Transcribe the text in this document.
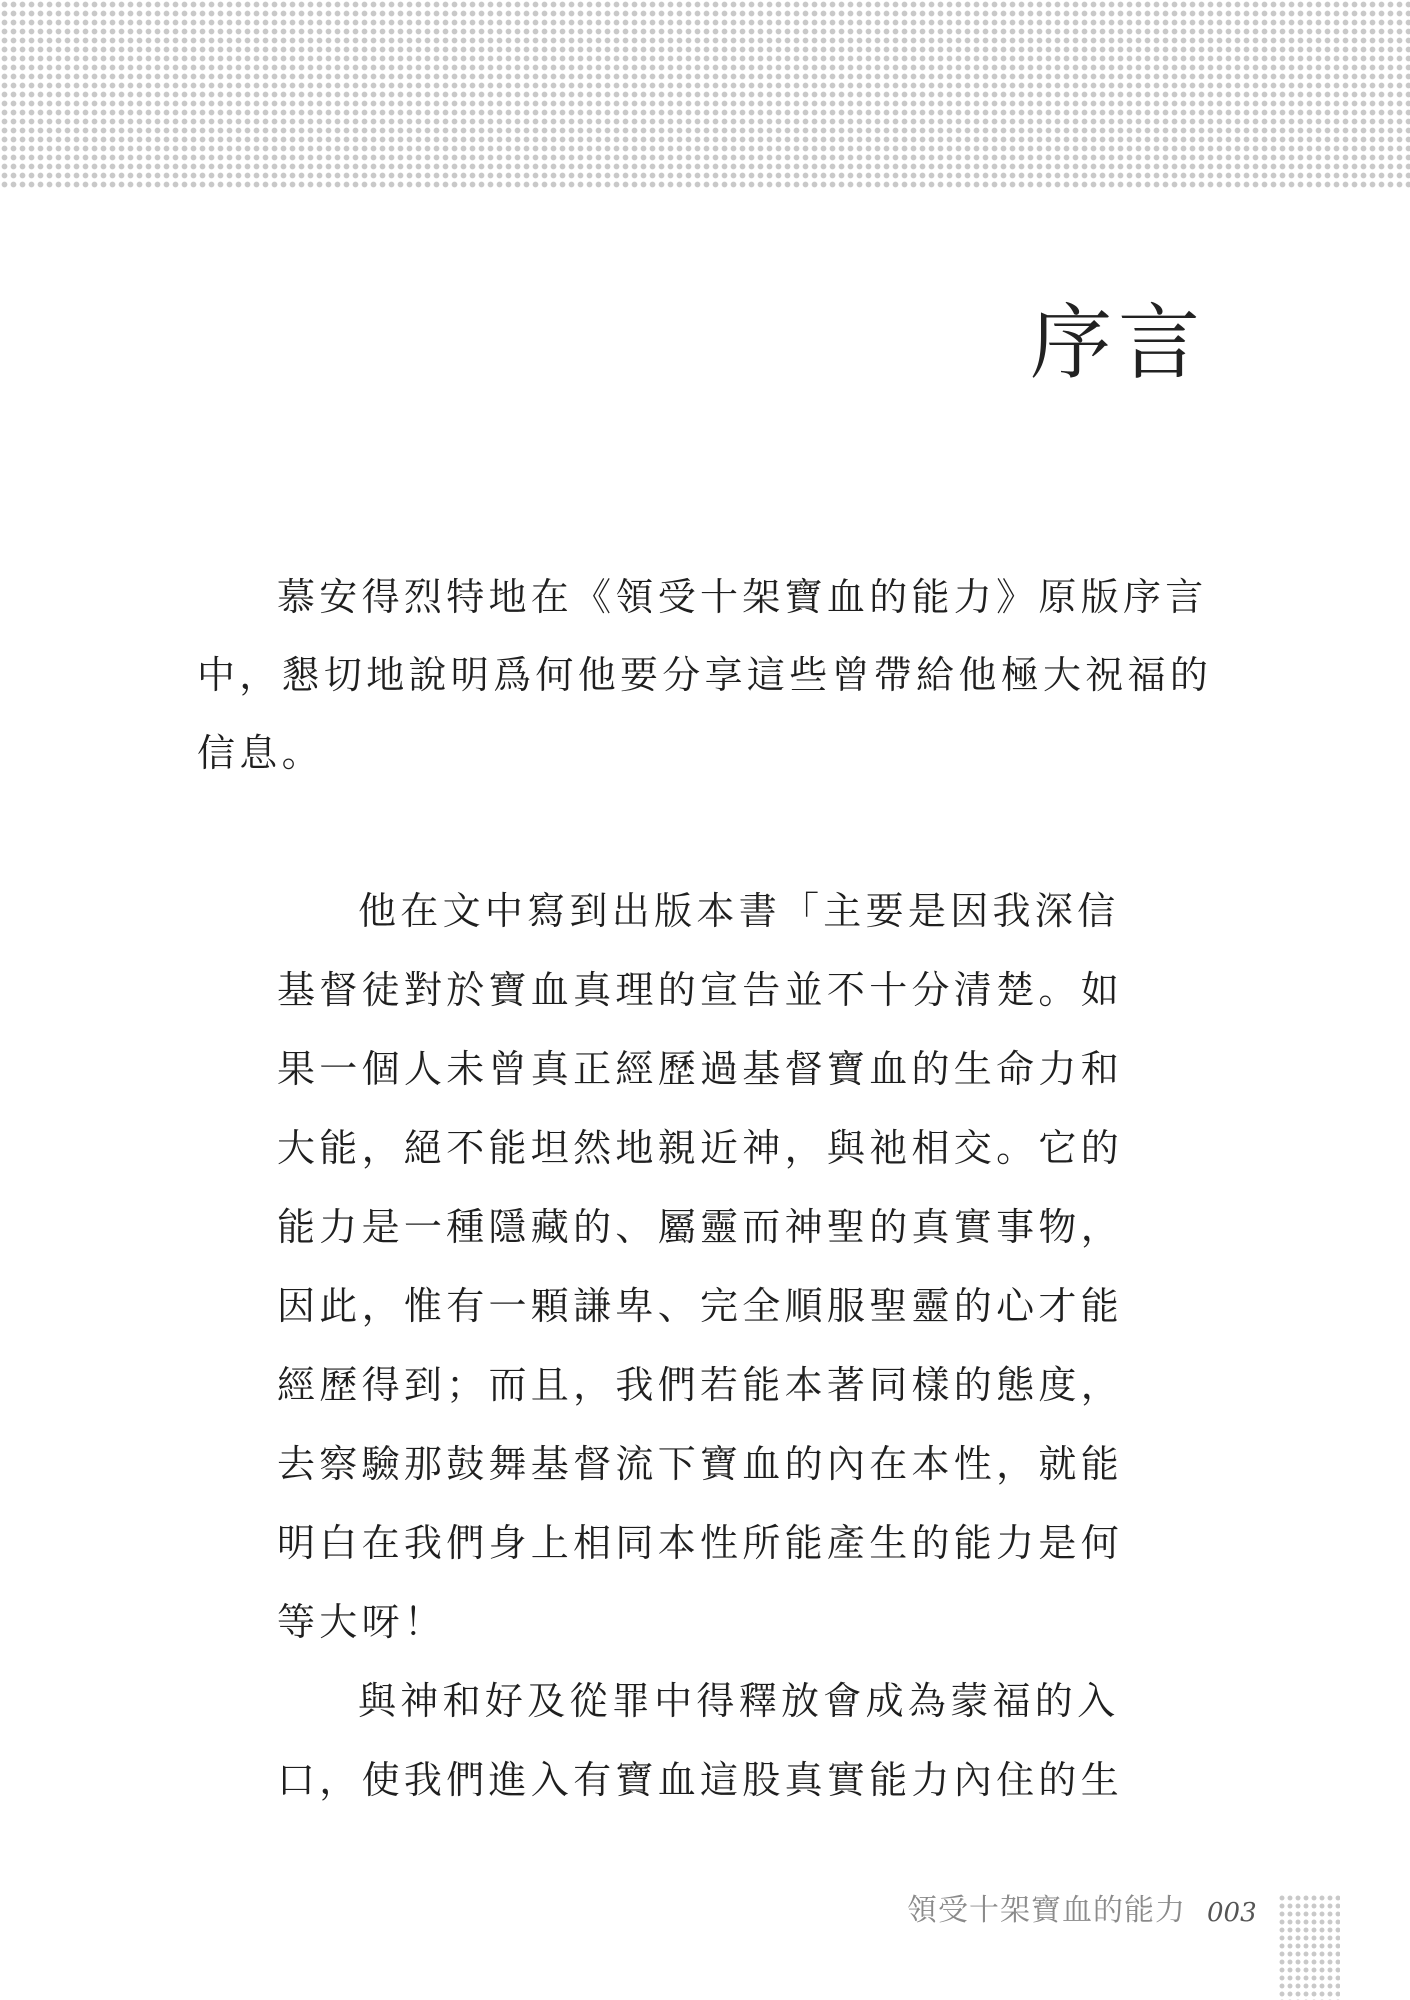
序言
慕安得烈特地在《領受十架寶血的能力》原版序言
中，懇切地說明爲何他要分享這些曾帶給他極大祝福的
信息。
他在文中寫到出版本書「主要是因我深信
基督徒對於寶血真理的宣告並不十分清楚。如
果一個人未曾真正經歷過基督寶血的生命力和
大能，絕不能坦然地親近神，與祂相交。它的
能力是一種隱藏的、屬靈而神聖的真實事物，
因此，惟有一顆謙卑、完全順服聖靈的心才能
經歷得到；而且，我們若能本著同樣的態度，
去察驗那鼓舞基督流下寶血的內在本性，就能
明白在我們身上相同本性所能產生的能力是何
等大呀！
與神和好及從罪中得釋放會成為蒙福的入
口，使我們進入有寶血這股真實能力內住的生
領受十架寶血的能力 003
